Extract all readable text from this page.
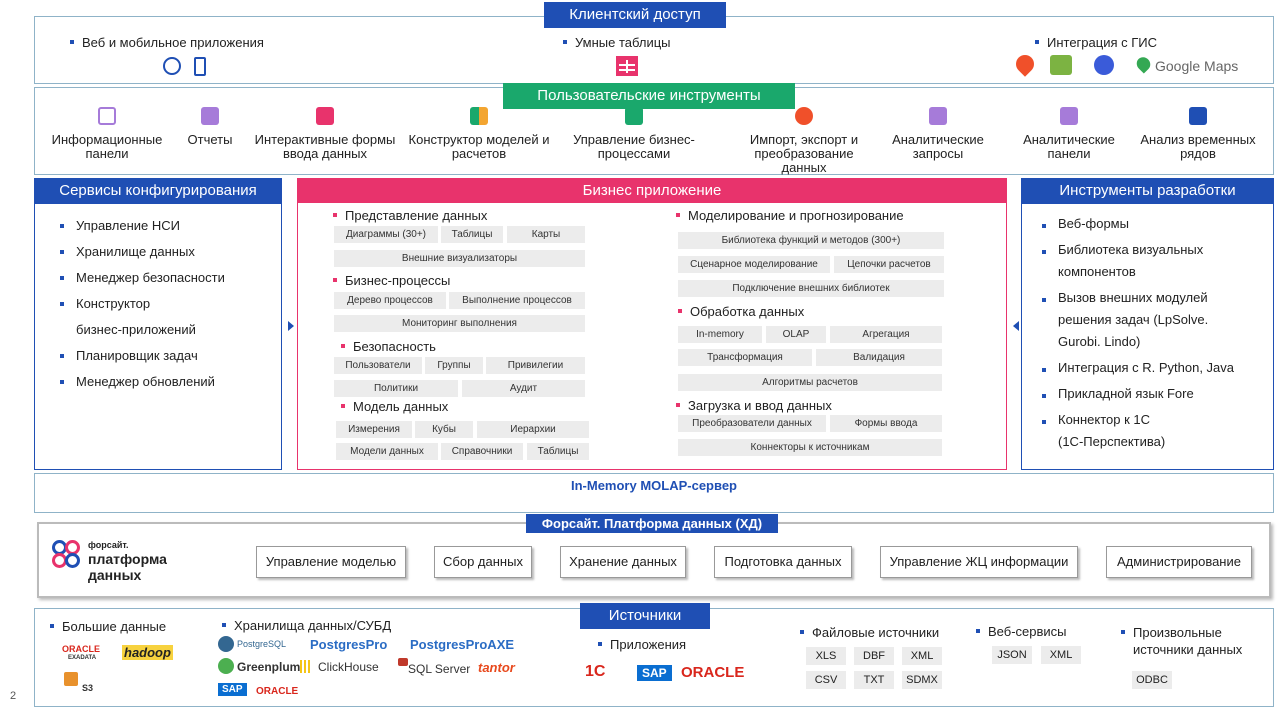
Клиентский доступ
Веб и мобильное приложения	Умные таблицы	Интеграция с ГИС
Google Maps
Пользовательские инструменты
Информационные панели
Отчеты	Интерактивные формы ввода данных
Конструктор моделей и расчетов
Управление бизнес-процессами
Импорт, экспорт и преобразование данных
Аналитические запросы
Аналитические панели
Анализ временных рядов
Сервисы конфигурирования
Управление НСИ
Хранилище данных
Менеджер безопасности
Конструктор
бизнес-приложений
Планировщик задач
Менеджер обновлений
Бизнес приложение
Представление данных
Диаграммы (30+)	Таблицы	Карты
Внешние визуализаторы
Бизнес-процессы
Дерево процессов	Выполнение процессов
Мониторинг выполнения
Безопасность
Пользователи	Группы	Привилегии
Политики	Аудит
Модель данных
Измерения	Кубы	Иерархии
Модели данных	Справочники	Таблицы
Моделирование и прогнозирование
Библиотека функций и методов (300+)
Сценарное моделирование	Цепочки расчетов
Подключение внешних библиотек
Обработка данных
In-memory	OLAP	Агрегация
Трансформация	Валидация
Алгоритмы расчетов
Загрузка и ввод данных
Преобразователи данных	Формы ввода
Коннекторы к источникам
Инструменты разработки
Веб-формы
Библиотека визуальных
компонентов
Вызов внешних модулей
решения задач (LpSolve.
Gurobi. Lindo)
Интеграция с R. Python, Java
Прикладной язык Fore
Коннектор к 1С
(1С-Перспектива)
In-Memory MOLAP-сервер
Форсайт. Платформа данных (ХД)
форсайт.
платформа
данных
Управление моделью	Сбор данных	Хранение данных	Подготовка данных	Управление ЖЦ информации	Администрирование
Источники
Большие данные
ORACLE
EXADATA hadoop
S3
Хранилища данных/СУБД
PostgreSQL PostgresPro PostgresProAXE
Greenplum ClickHouse SQL Server tantor
SAP	ORACLE
Приложения
1С	SAP ORACLE
Файловые источники
XLS	DBF	XML
CSV	TXT	SDMX
Веб-сервисы
JSON	XML
Произвольные
источники данных
ODBC
2
